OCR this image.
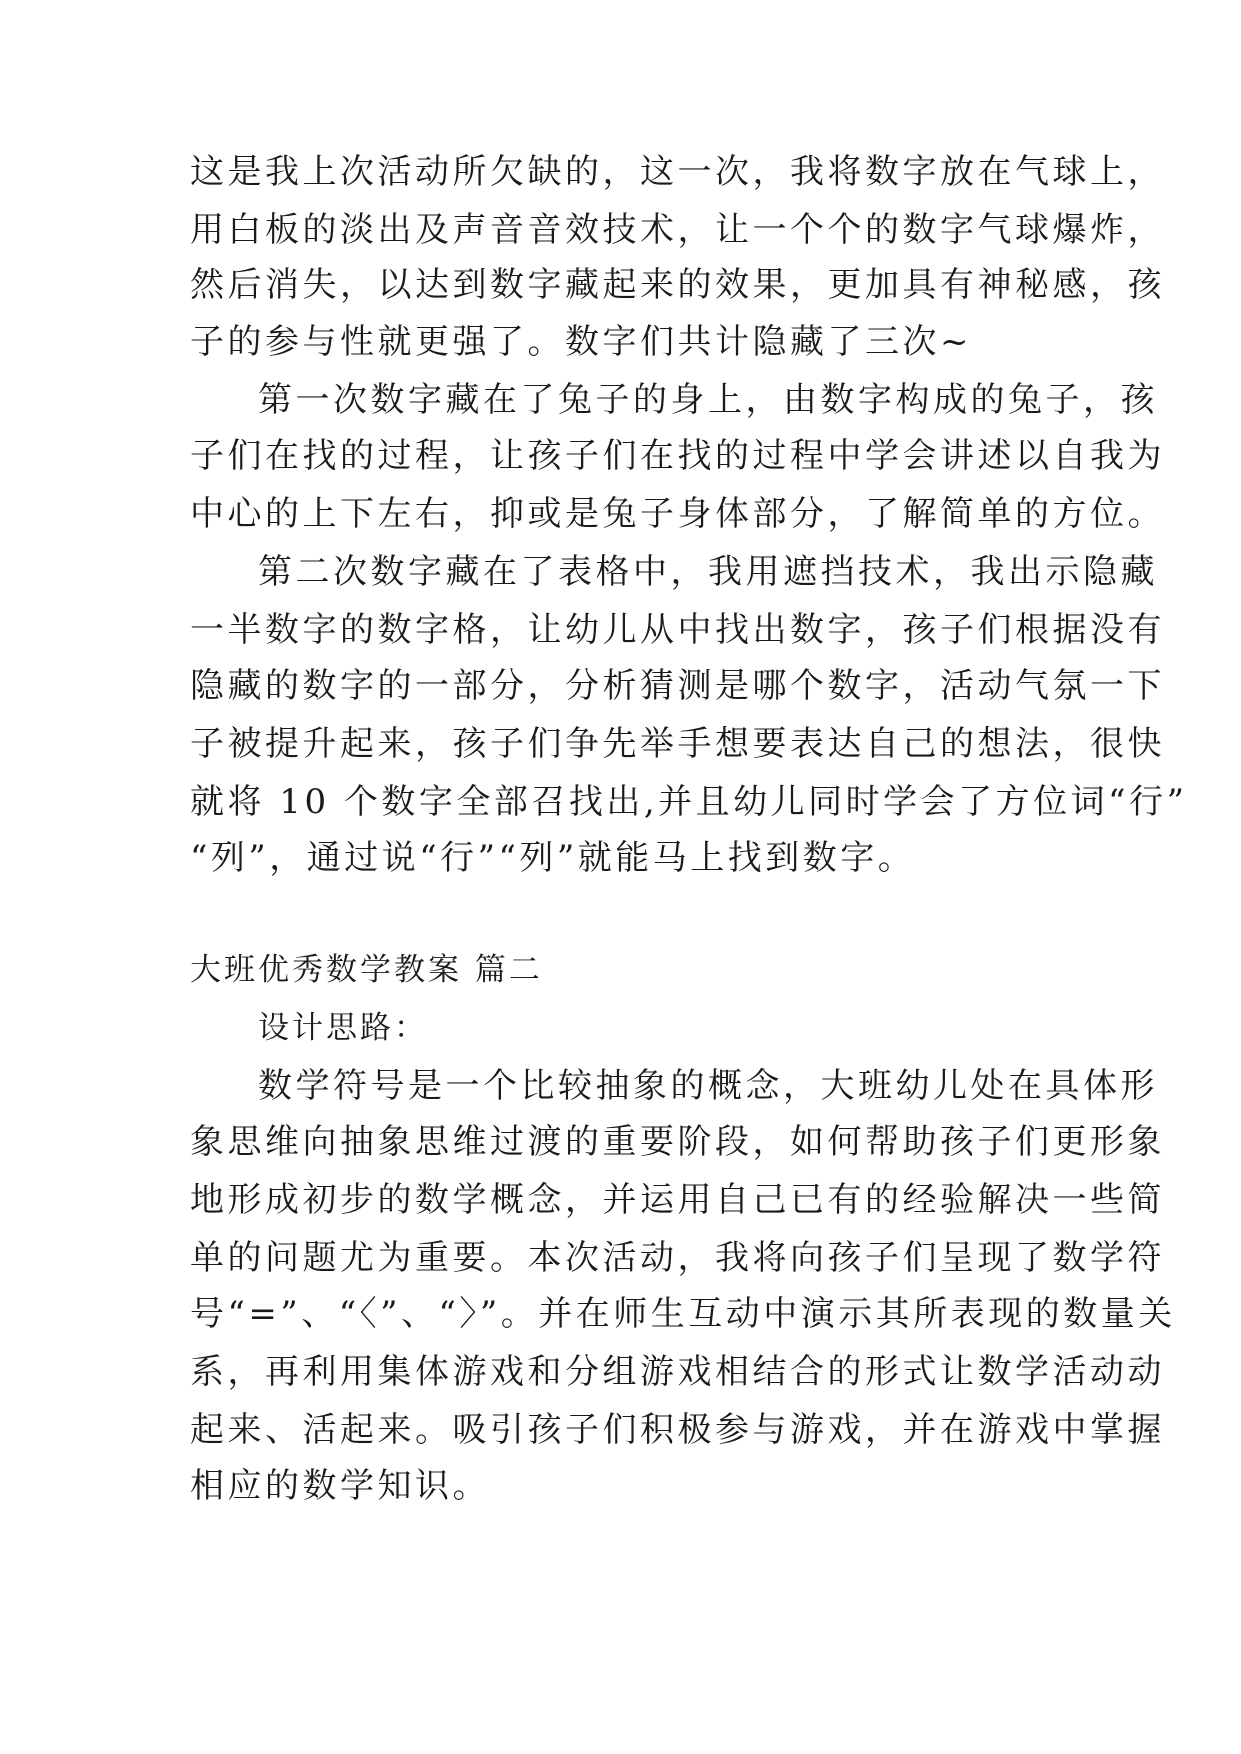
这是我上次活动所欠缺的，这一次，我将数字放在气球上，
用白板的淡出及声音音效技术，让一个个的数字气球爆炸，
然后消失，以达到数字藏起来的效果，更加具有神秘感，孩
子的参与性就更强了。数字们共计隐藏了三次~
第一次数字藏在了兔子的身上，由数字构成的兔子，孩
子们在找的过程，让孩子们在找的过程中学会讲述以自我为
中心的上下左右，抑或是兔子身体部分，了解简单的方位。
第二次数字藏在了表格中，我用遮挡技术，我出示隐藏
一半数字的数字格，让幼儿从中找出数字，孩子们根据没有
隐藏的数字的一部分，分析猜测是哪个数字，活动气氛一下
子被提升起来，孩子们争先举手想要表达自己的想法，很快
就将 10 个数字全部召找出,并且幼儿同时学会了方位词“行”
“列”，通过说“行”“列”就能马上找到数字。
大班优秀数学教案 篇二
设计思路：
数学符号是一个比较抽象的概念，大班幼儿处在具体形
象思维向抽象思维过渡的重要阶段，如何帮助孩子们更形象
地形成初步的数学概念，并运用自己已有的经验解决一些简
单的问题尤为重要。本次活动，我将向孩子们呈现了数学符
号“=”、“〈”、“〉”。并在师生互动中演示其所表现的数量关
系，再利用集体游戏和分组游戏相结合的形式让数学活动动
起来、活起来。吸引孩子们积极参与游戏，并在游戏中掌握
相应的数学知识。
